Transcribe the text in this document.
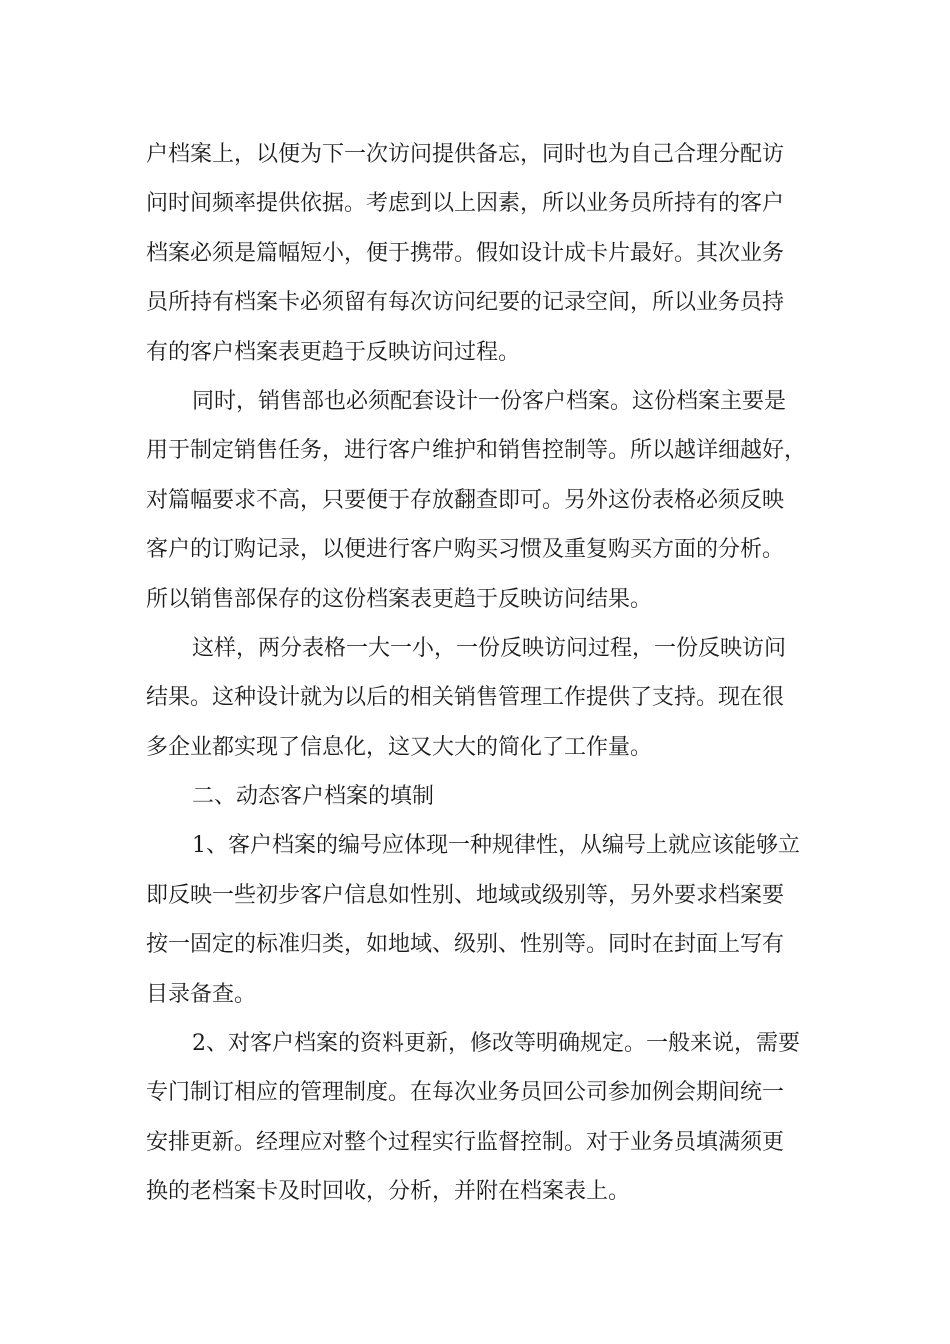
户档案上，以便为下一次访问提供备忘，同时也为自己合理分配访
问时间频率提供依据。考虑到以上因素，所以业务员所持有的客户
档案必须是篇幅短小，便于携带。假如设计成卡片最好。其次业务
员所持有档案卡必须留有每次访问纪要的记录空间，所以业务员持
有的客户档案表更趋于反映访问过程。
同时，销售部也必须配套设计一份客户档案。这份档案主要是
用于制定销售任务，进行客户维护和销售控制等。所以越详细越好，
对篇幅要求不高，只要便于存放翻查即可。另外这份表格必须反映
客户的订购记录，以便进行客户购买习惯及重复购买方面的分析。
所以销售部保存的这份档案表更趋于反映访问结果。
这样，两分表格一大一小，一份反映访问过程，一份反映访问
结果。这种设计就为以后的相关销售管理工作提供了支持。现在很
多企业都实现了信息化，这又大大的简化了工作量。
二、动态客户档案的填制
1、客户档案的编号应体现一种规律性，从编号上就应该能够立
即反映一些初步客户信息如性别、地域或级别等，另外要求档案要
按一固定的标准归类，如地域、级别、性别等。同时在封面上写有
目录备查。
2、对客户档案的资料更新，修改等明确规定。一般来说，需要
专门制订相应的管理制度。在每次业务员回公司参加例会期间统一
安排更新。经理应对整个过程实行监督控制。对于业务员填满须更
换的老档案卡及时回收，分析，并附在档案表上。
